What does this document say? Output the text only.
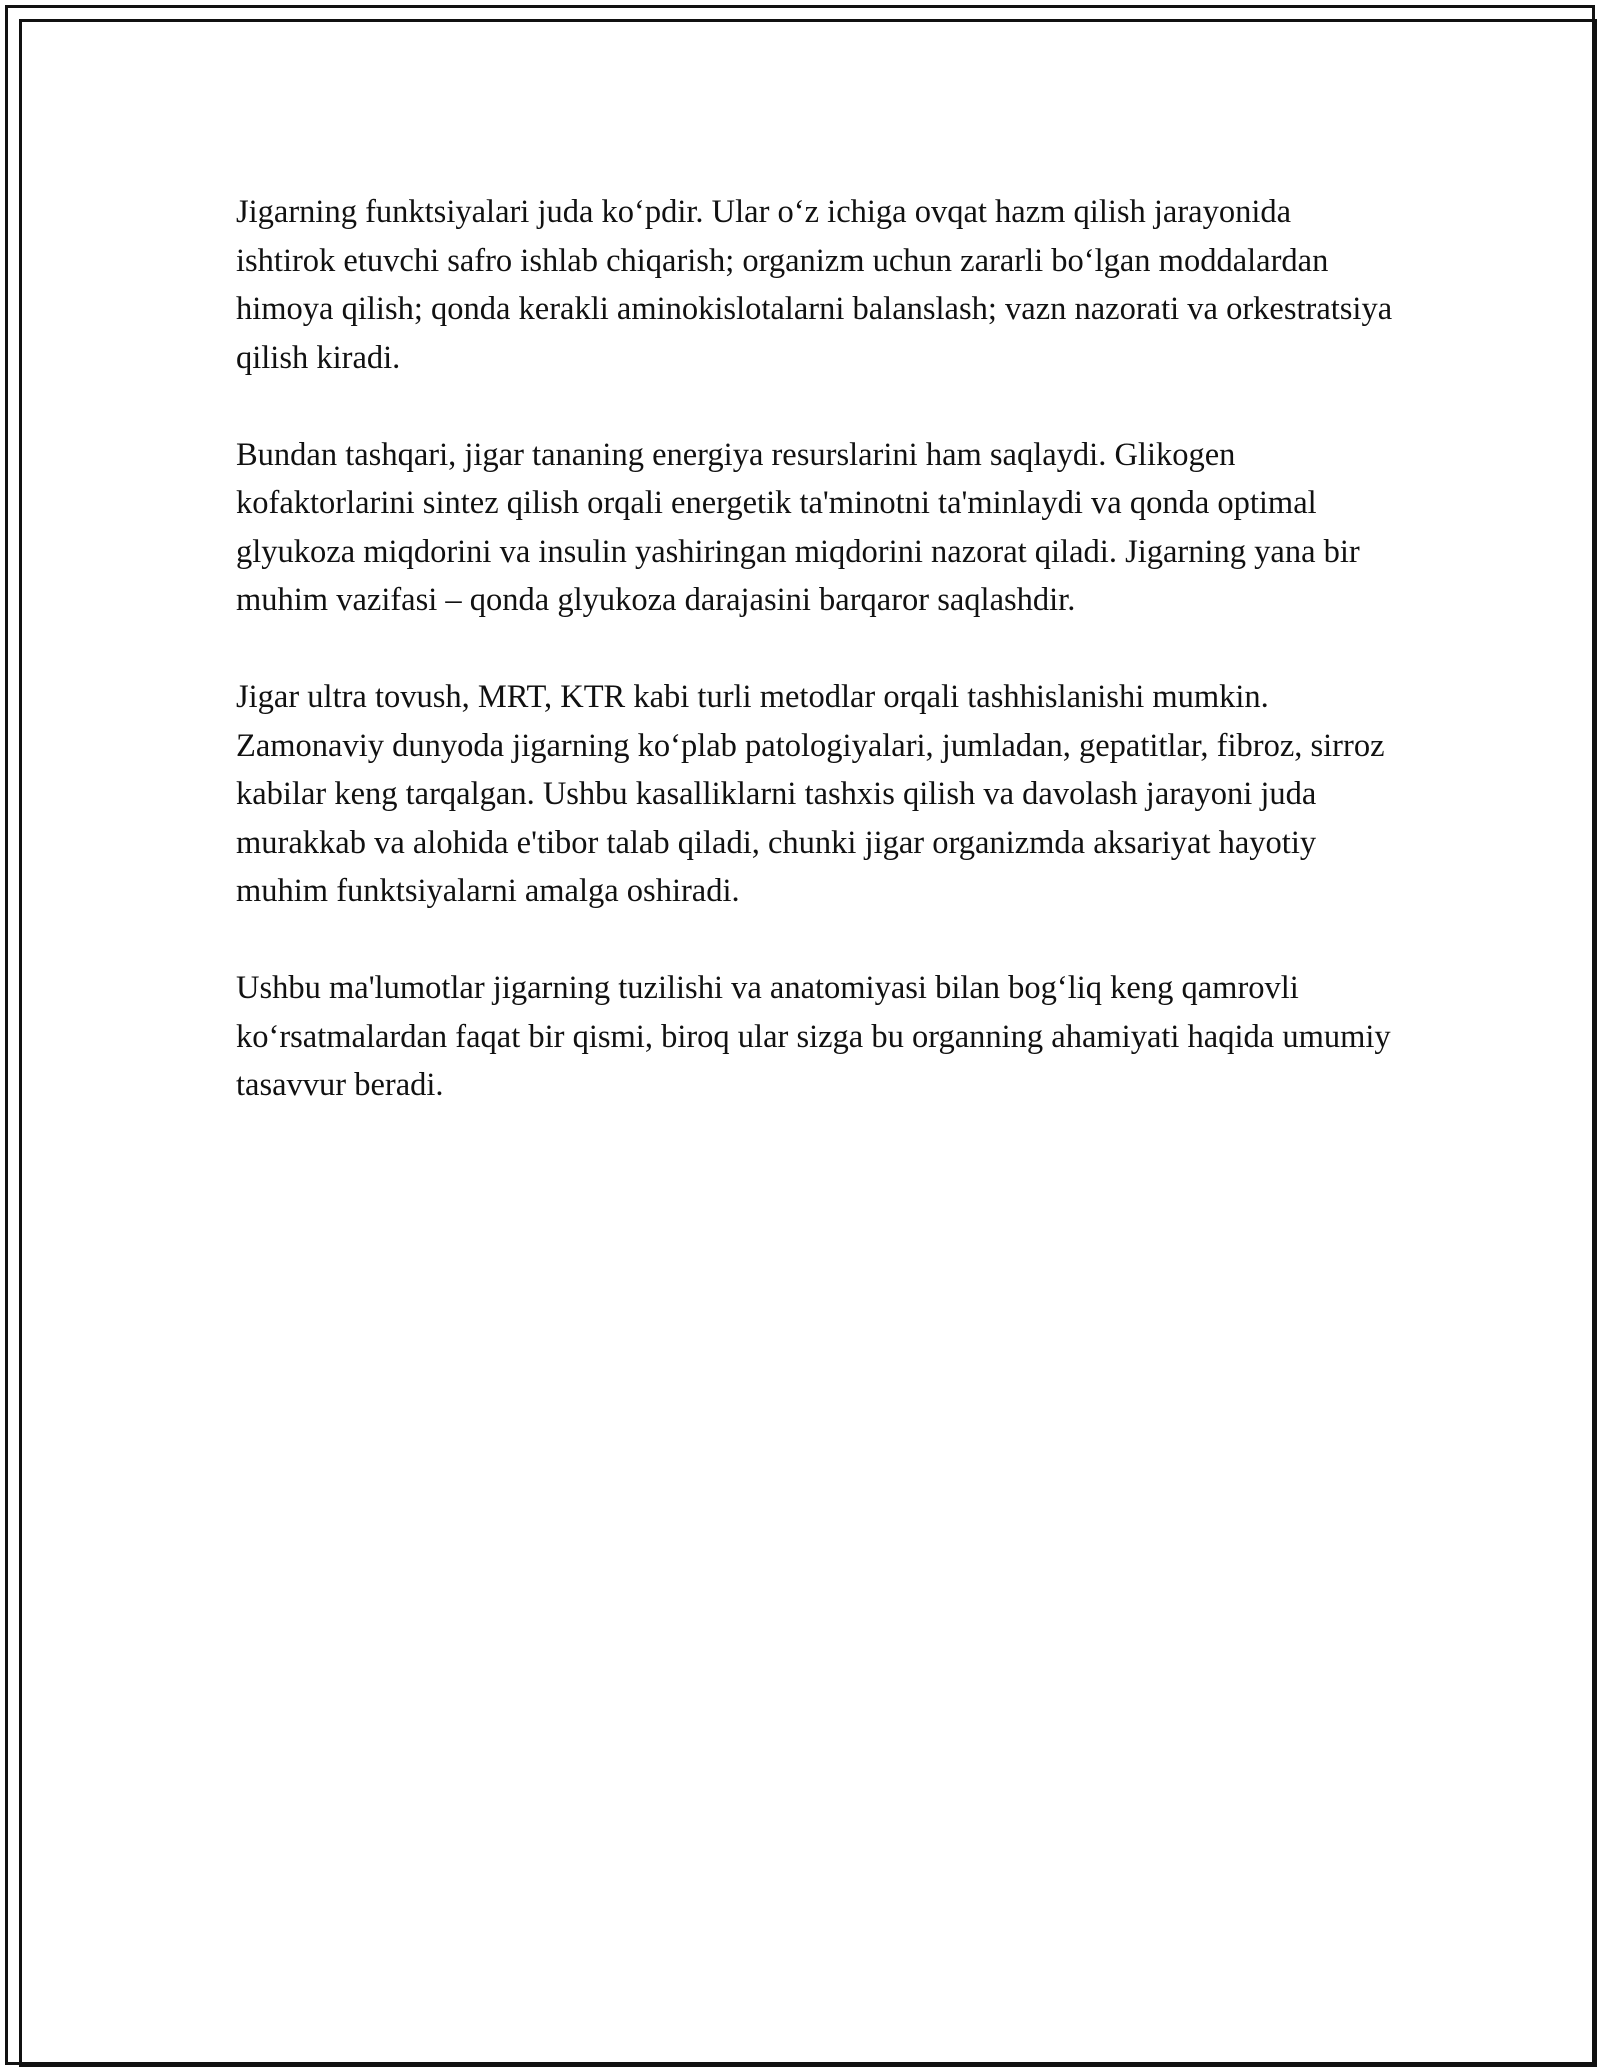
Jigarning funktsiyalari juda ko‘pdir. Ular o‘z ichiga ovqat hazm qilish jarayonida ishtirok etuvchi safro ishlab chiqarish; organizm uchun zararli bo‘lgan moddalardan himoya qilish; qonda kerakli aminokislotalarni balanslash; vazn nazorati va orkestratsiya qilish kiradi.

Bundan tashqari, jigar tananing energiya resurslarini ham saqlaydi. Glikogen kofaktorlarini sintez qilish orqali energetik ta'minotni ta'minlaydi va qonda optimal glyukoza miqdorini va insulin yashiringan miqdorini nazorat qiladi. Jigarning yana bir muhim vazifasi – qonda glyukoza darajasini barqaror saqlashdir.

Jigar ultra tovush, MRT, KTR kabi turli metodlar orqali tashhislanishi mumkin. Zamonaviy dunyoda jigarning ko‘plab patologiyalari, jumladan, gepatitlar, fibroz, sirroz kabilar keng tarqalgan. Ushbu kasalliklarni tashxis qilish va davolash jarayoni juda murakkab va alohida e'tibor talab qiladi, chunki jigar organizmda aksariyat hayotiy muhim funktsiyalarni amalga oshiradi.

Ushbu ma'lumotlar jigarning tuzilishi va anatomiyasi bilan bog‘liq keng qamrovli ko‘rsatmalardan faqat bir qismi, biroq ular sizga bu organning ahamiyati haqida umumiy tasavvur beradi.
